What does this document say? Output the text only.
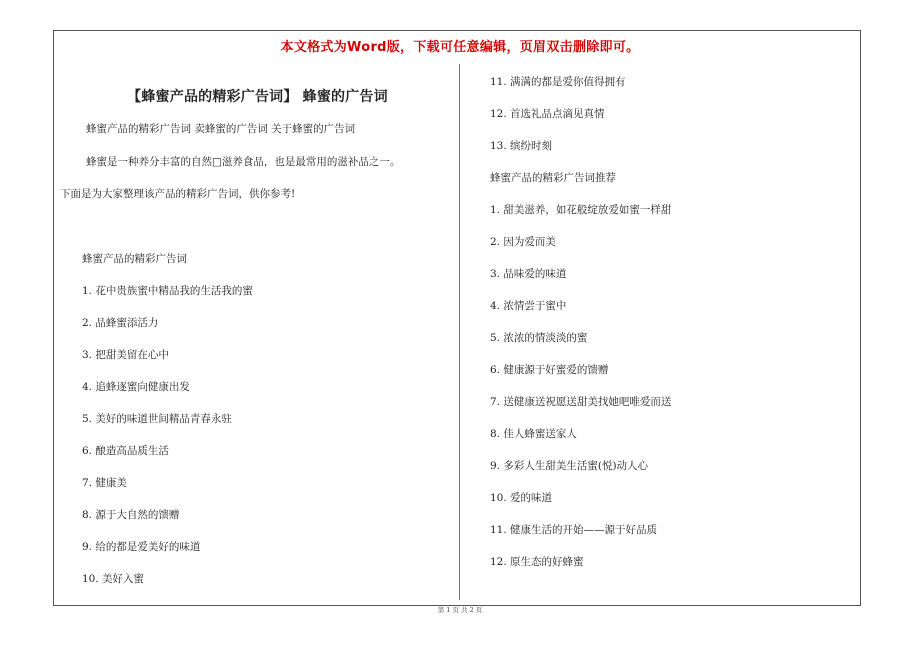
本文格式为Word版，下载可任意编辑，页眉双击删除即可。
【蜂蜜产品的精彩广告词】 蜂蜜的广告词
蜂蜜产品的精彩广告词 卖蜂蜜的广告词 关于蜂蜜的广告词
蜂蜜是一种养分丰富的自然□滋养食品，也是最常用的滋补品之一。
下面是为大家整理该产品的精彩广告词，供你参考!
蜂蜜产品的精彩广告词
1. 花中贵族蜜中精品我的生活我的蜜
2. 品蜂蜜添活力
3. 把甜美留在心中
4. 追蜂逐蜜向健康出发
5. 美好的味道世间精品青春永驻
6. 酿造高品质生活
7. 健康美
8. 源于大自然的馈赠
9. 给的都是爱美好的味道
10. 美好入蜜
11. 满满的都是爱你值得拥有
12. 首选礼品点滴见真情
13. 缤纷时刻
蜂蜜产品的精彩广告词推荐
1. 甜美滋养，如花般绽放爱如蜜一样甜
2. 因为爱而美
3. 品味爱的味道
4. 浓情尝于蜜中
5. 浓浓的情淡淡的蜜
6. 健康源于好蜜爱的馈赠
7. 送健康送祝愿送甜美找她吧唯爱而送
8. 佳人蜂蜜送家人
9. 多彩人生甜美生活蜜(悦)动人心
10. 爱的味道
11. 健康生活的开始——源于好品质
12. 原生态的好蜂蜜
第 1 页 共 2 页
